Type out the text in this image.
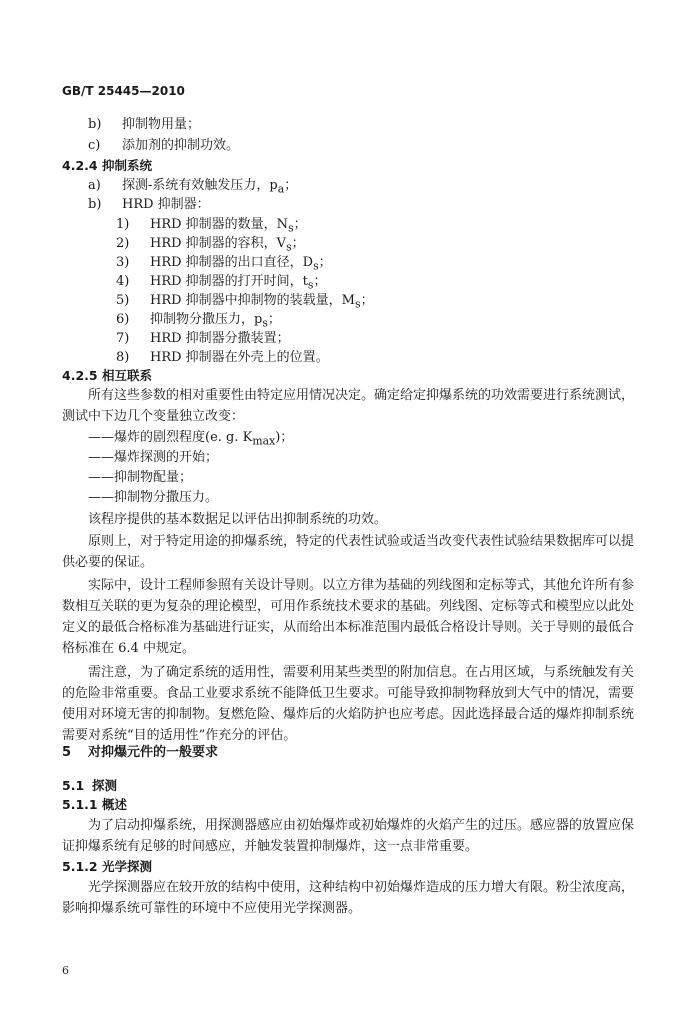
GB/T 25445—2010
b) 抑制物用量；
c) 添加剂的抑制功效。
4.2.4 抑制系统
a) 探测-系统有效触发压力，$p_a$；
b) HRD 抑制器：
1) HRD 抑制器的数量，$N_s$；
2) HRD 抑制器的容积，$V_s$；
3) HRD 抑制器的出口直径，$D_s$；
4) HRD 抑制器的打开时间，$t_s$；
5) HRD 抑制器中抑制物的装载量，$M_s$；
6) 抑制物分撒压力，$p_s$；
7) HRD 抑制器分撒装置；
8) HRD 抑制器在外壳上的位置。
4.2.5 相互联系
所有这些参数的相对重要性由特定应用情况决定。确定给定抑爆系统的功效需要进行系统测试，测试中下边几个变量独立改变：
——爆炸的剧烈程度(e. g. $K_{max}$)；
——爆炸探测的开始；
——抑制物配量；
——抑制物分撒压力。
该程序提供的基本数据足以评估出抑制系统的功效。
原则上，对于特定用途的抑爆系统，特定的代表性试验或适当改变代表性试验结果数据库可以提供必要的保证。
实际中，设计工程师参照有关设计导则。以立方律为基础的列线图和定标等式，其他允许所有参数相互关联的更为复杂的理论模型，可用作系统技术要求的基础。列线图、定标等式和模型应以此处定义的最低合格标准为基础进行证实，从而给出本标准范围内最低合格设计导则。关于导则的最低合格标准在 6.4 中规定。
需注意，为了确定系统的适用性，需要利用某些类型的附加信息。在占用区域，与系统触发有关的危险非常重要。食品工业要求系统不能降低卫生要求。可能导致抑制物释放到大气中的情况，需要使用对环境无害的抑制物。复燃危险、爆炸后的火焰防护也应考虑。因此选择最合适的爆炸抑制系统需要对系统“目的适用性”作充分的评估。
5 对抑爆元件的一般要求
5.1 探测
5.1.1 概述
为了启动抑爆系统，用探测器感应由初始爆炸或初始爆炸的火焰产生的过压。感应器的放置应保证抑爆系统有足够的时间感应，并触发装置抑制爆炸，这一点非常重要。
5.1.2 光学探测
光学探测器应在较开放的结构中使用，这种结构中初始爆炸造成的压力增大有限。粉尘浓度高，影响抑爆系统可靠性的环境中不应使用光学探测器。
6
